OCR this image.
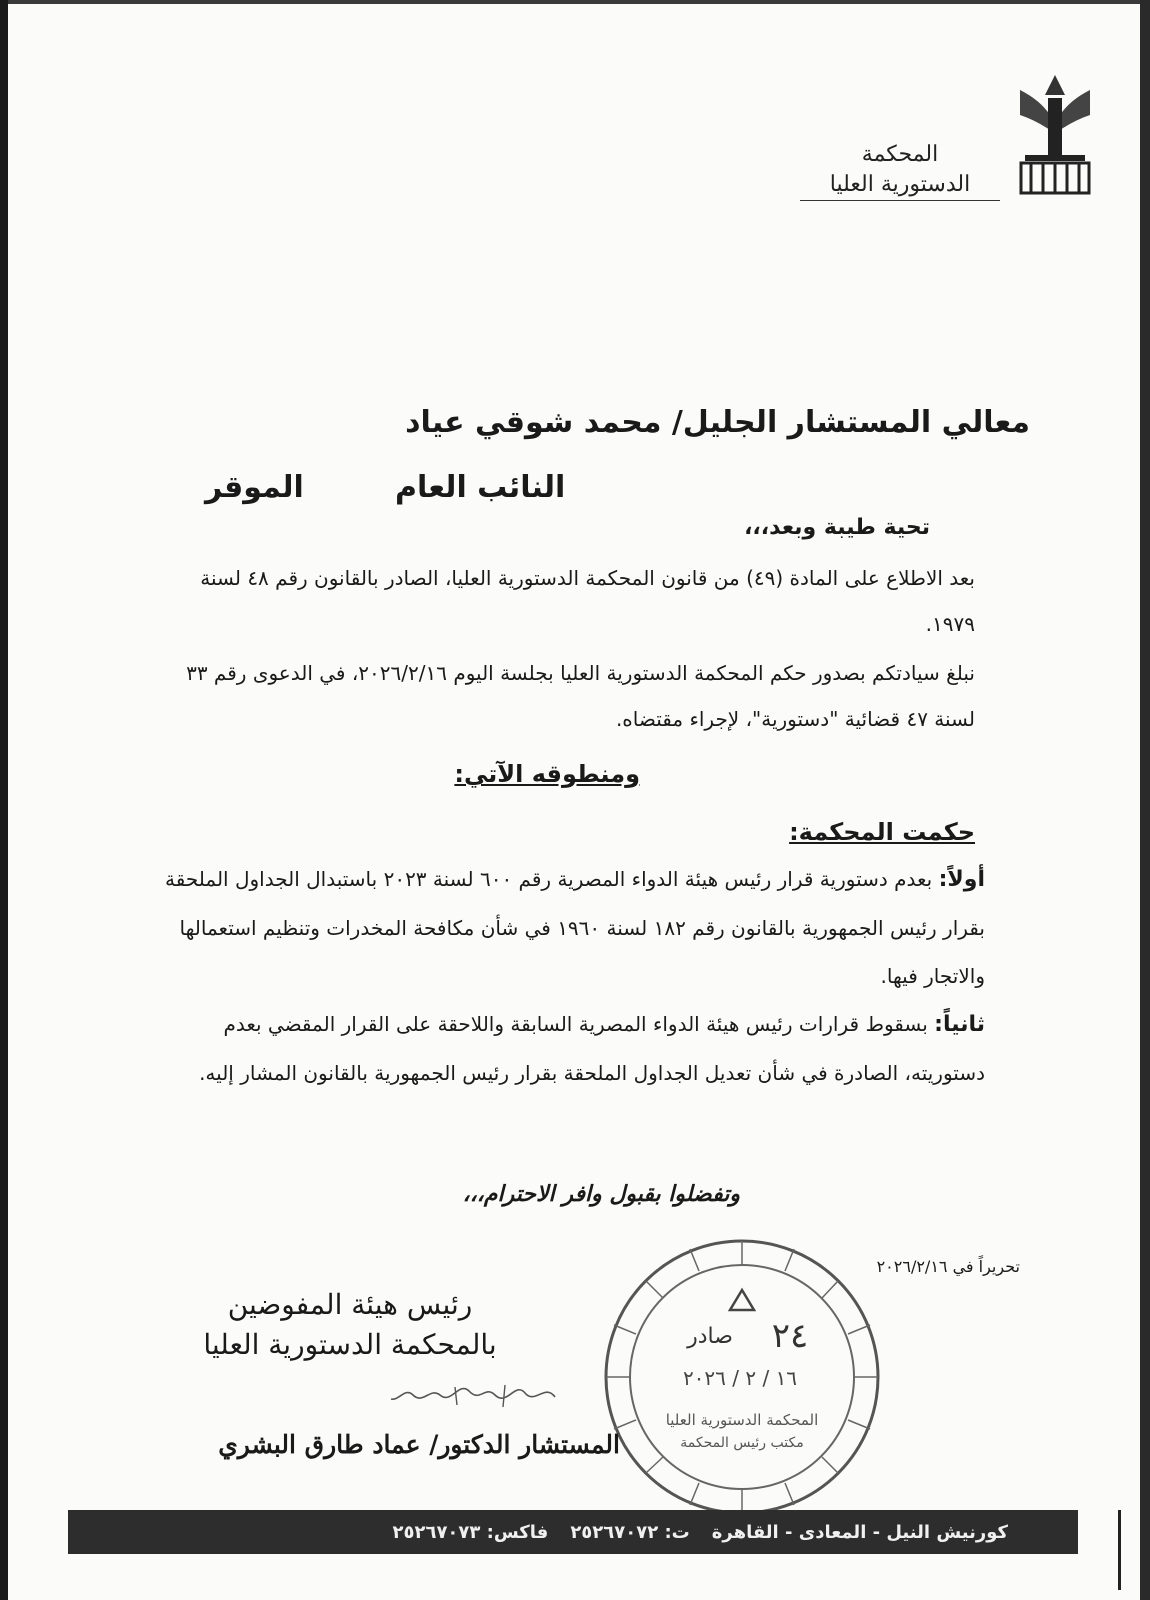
المحكمة

الدستورية العليا
معالي المستشار الجليل/ محمد شوقي عياد
النائب العام
الموقر
تحية طيبة وبعد،،،
بعد الاطلاع على المادة (٤٩) من قانون المحكمة الدستورية العليا، الصادر بالقانون رقم ٤٨ لسنة ١٩٧٩.
نبلغ سيادتكم بصدور حكم المحكمة الدستورية العليا بجلسة اليوم ٢٠٢٦/٢/١٦، في الدعوى رقم ٣٣ لسنة ٤٧ قضائية "دستورية"، لإجراء مقتضاه.
ومنطوقه الآتي:
حكمت المحكمة:
أولاً: بعدم دستورية قرار رئيس هيئة الدواء المصرية رقم ٦٠٠ لسنة ٢٠٢٣ باستبدال الجداول الملحقة بقرار رئيس الجمهورية بالقانون رقم ١٨٢ لسنة ١٩٦٠ في شأن مكافحة المخدرات وتنظيم استعمالها والاتجار فيها.
ثانياً: بسقوط قرارات رئيس هيئة الدواء المصرية السابقة واللاحقة على القرار المقضي بعدم دستوريته، الصادرة في شأن تعديل الجداول الملحقة بقرار رئيس الجمهورية بالقانون المشار إليه.
وتفضلوا بقبول وافر الاحترام،،،
تحريراً في ٢٠٢٦/٢/١٦
٢٤
صادر
١٦ / ٢ / ٢٠٢٦
المحكمة الدستورية العليا
مكتب رئيس المحكمة
رئيس هيئة المفوضين
بالمحكمة الدستورية العليا
المستشار الدكتور/ عماد طارق البشري
كورنيش النيل - المعادى - القاهرة
ت: ٢٥٢٦٧٠٧٢
فاكس: ٢٥٢٦٧٠٧٣
